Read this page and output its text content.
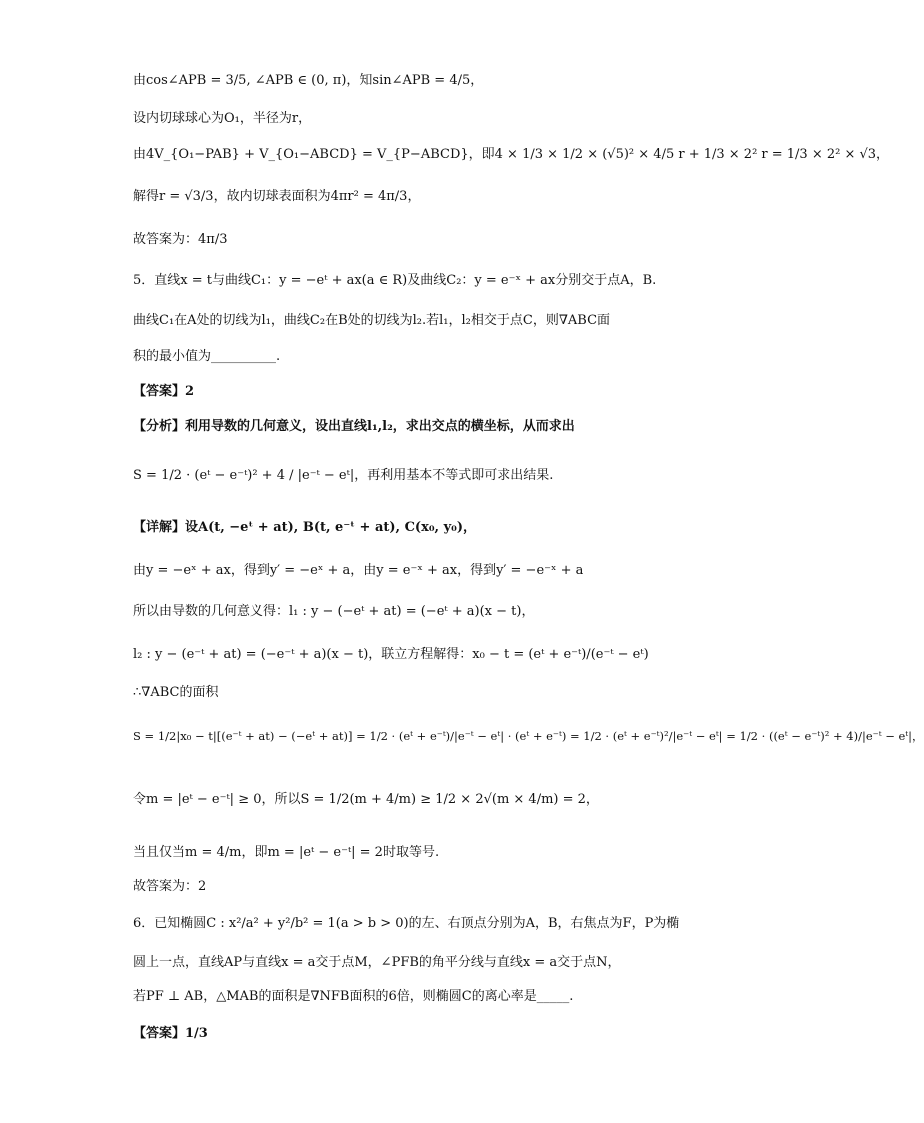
由cos∠APB = 3/5, ∠APB ∈ (0, π)，知sin∠APB = 4/5，
设内切球球心为O₁，半径为r，
由4V_{O₁−PAB} + V_{O₁−ABCD} = V_{P−ABCD}，即4 × 1/3 × 1/2 × (√5)² × 4/5 r + 1/3 × 2² r = 1/3 × 2² × √3，
解得r = √3/3，故内切球表面积为4πr² = 4π/3，
故答案为：4π/3
5．直线x = t与曲线C₁：y = −eᵗ + ax(a ∈ R)及曲线C₂：y = e⁻ˣ + ax分别交于点A，B.
曲线C₁在A处的切线为l₁，曲线C₂在B处的切线为l₂.若l₁，l₂相交于点C，则∇ABC面
积的最小值为__________.
【答案】2
【分析】利用导数的几何意义，设出直线l₁,l₂，求出交点的横坐标，从而求出
S = 1/2 · (eᵗ − e⁻ᵗ)² + 4 / |e⁻ᵗ − eᵗ|，再利用基本不等式即可求出结果.
【详解】设A(t, −eᵗ + at), B(t, e⁻ᵗ + at), C(x₀, y₀)，
由y = −eˣ + ax，得到y′ = −eˣ + a，由y = e⁻ˣ + ax，得到y′ = −e⁻ˣ + a
所以由导数的几何意义得：l₁ : y − (−eᵗ + at) = (−eᵗ + a)(x − t)，
l₂ : y − (e⁻ᵗ + at) = (−e⁻ᵗ + a)(x − t)，联立方程解得：x₀ − t = (eᵗ + e⁻ᵗ)/(e⁻ᵗ − eᵗ)
∴∇ABC的面积
S = 1/2|x₀ − t|[(e⁻ᵗ + at) − (−eᵗ + at)] = 1/2 · (eᵗ + e⁻ᵗ)/|e⁻ᵗ − eᵗ| · (eᵗ + e⁻ᵗ) = 1/2 · (eᵗ + e⁻ᵗ)²/|e⁻ᵗ − eᵗ| = 1/2 · ((eᵗ − e⁻ᵗ)² + 4)/|e⁻ᵗ − eᵗ|，
令m = |eᵗ − e⁻ᵗ| ≥ 0，所以S = 1/2(m + 4/m) ≥ 1/2 × 2√(m × 4/m) = 2，
当且仅当m = 4/m，即m = |eᵗ − e⁻ᵗ| = 2时取等号.
故答案为：2
6．已知椭圆C : x²/a² + y²/b² = 1(a > b > 0)的左、右顶点分别为A，B，右焦点为F，P为椭
圆上一点，直线AP与直线x = a交于点M，∠PFB的角平分线与直线x = a交于点N，
若PF ⊥ AB，△MAB的面积是∇NFB面积的6倍，则椭圆C的离心率是_____.
【答案】1/3
